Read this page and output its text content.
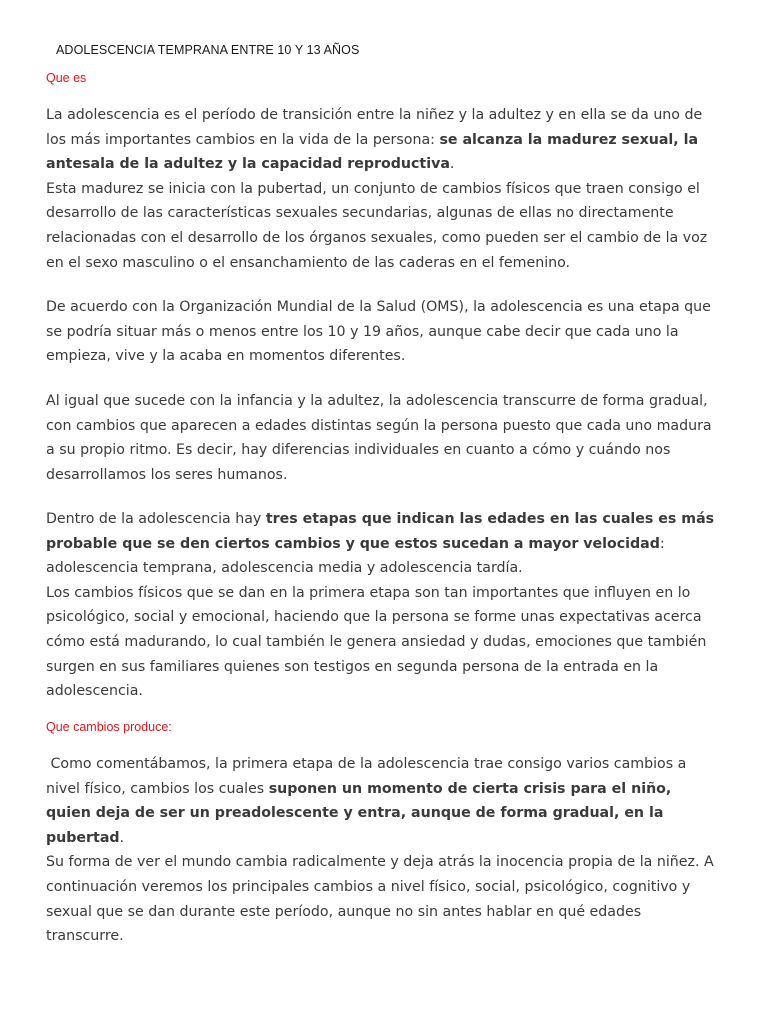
ADOLESCENCIA TEMPRANA ENTRE 10 Y 13 AÑOS
Que es
La adolescencia es el período de transición entre la niñez y la adultez y en ella se da uno de
los más importantes cambios en la vida de la persona: se alcanza la madurez sexual, la
antesala de la adultez y la capacidad reproductiva.
Esta madurez se inicia con la pubertad, un conjunto de cambios físicos que traen consigo el
desarrollo de las características sexuales secundarias, algunas de ellas no directamente
relacionadas con el desarrollo de los órganos sexuales, como pueden ser el cambio de la voz
en el sexo masculino o el ensanchamiento de las caderas en el femenino.
De acuerdo con la Organización Mundial de la Salud (OMS), la adolescencia es una etapa que
se podría situar más o menos entre los 10 y 19 años, aunque cabe decir que cada uno la
empieza, vive y la acaba en momentos diferentes.
Al igual que sucede con la infancia y la adultez, la adolescencia transcurre de forma gradual,
con cambios que aparecen a edades distintas según la persona puesto que cada uno madura
a su propio ritmo. Es decir, hay diferencias individuales en cuanto a cómo y cuándo nos
desarrollamos los seres humanos.
Dentro de la adolescencia hay tres etapas que indican las edades en las cuales es más
probable que se den ciertos cambios y que estos sucedan a mayor velocidad:
adolescencia temprana, adolescencia media y adolescencia tardía.
Los cambios físicos que se dan en la primera etapa son tan importantes que influyen en lo
psicológico, social y emocional, haciendo que la persona se forme unas expectativas acerca
cómo está madurando, lo cual también le genera ansiedad y dudas, emociones que también
surgen en sus familiares quienes son testigos en segunda persona de la entrada en la
adolescencia.
Que cambios produce:
Como comentábamos, la primera etapa de la adolescencia trae consigo varios cambios a
nivel físico, cambios los cuales suponen un momento de cierta crisis para el niño,
quien deja de ser un preadolescente y entra, aunque de forma gradual, en la
pubertad.
Su forma de ver el mundo cambia radicalmente y deja atrás la inocencia propia de la niñez. A
continuación veremos los principales cambios a nivel físico, social, psicológico, cognitivo y
sexual que se dan durante este período, aunque no sin antes hablar en qué edades
transcurre.
